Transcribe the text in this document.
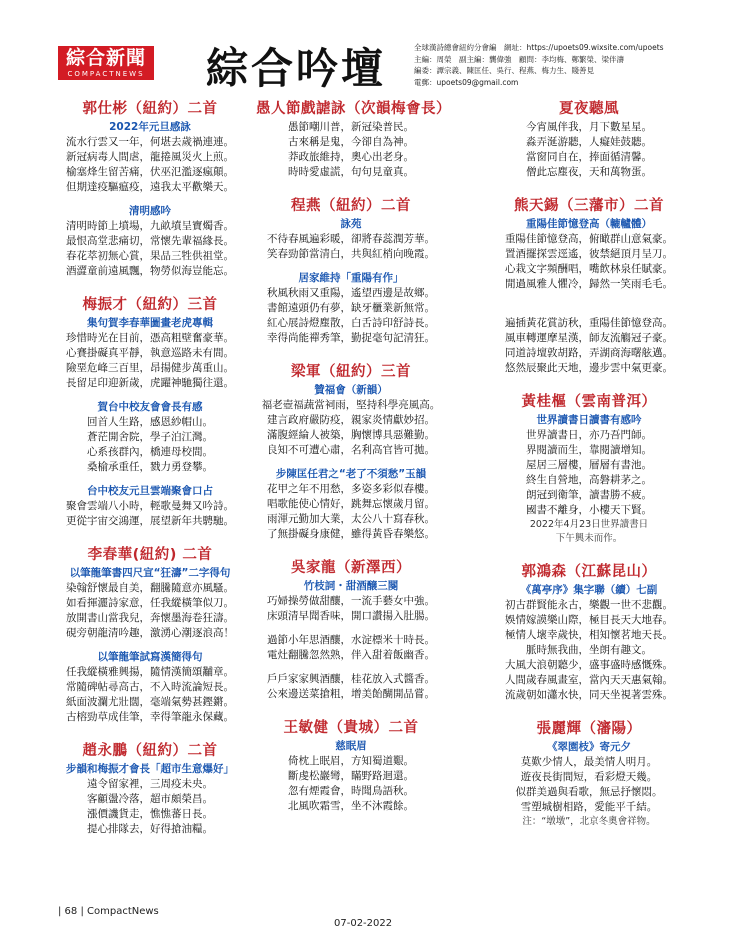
綜合新聞
COMPACTNEWS 綜合吟壇	全球漢詩總會紐約分會編　網址：https://upoets09.wixsite.com/upoets
主編：周榮　副主編：龔偉強　顧問：李均梅、鄭繁榮、梁伴濤
編委：譚宗義、陳匡任、吳行、程燕、梅力生、賤善見
電郵：upoets09@gmail.com
郭仕彬（紐約）二首
2022年元旦感詠
流水行雲又一年，何堪去歲禍連連。
新冠病毒人間虐，龍捲風災火上煎。
榆塞烽生留苦痛，伏巫氾濫逐瘋顛。
但期達疫驅瘟疫，遠我太平歡樂天。
清明感吟
清明時節上墳場，九畝墳呈寶燭香。
最恨高堂悲痛切，常懷先輩福緣長。
春花萃初無心賞，果品三牲供祖堂。
酒澀童前遠風飄，物勞似海豈能忘。
梅振才（紐約）三首
集句賀李春華圖畫老虎專輯
珍惜時光在目前，憑高粗壁奮豪華。
心賽掛礙真平靜，執意巡路未有間。
險堊危峰三百里，昂揚健步萬重山。
長留足印迎新歲，虎躍神馳獨往還。
賀台中校友會會長有感
回首人生路，感恩紗帽山。
蒼茫開舍院，學子泊江灣。
心系孩群內，橋連母校間。
桑榆承重任，戮力勇登攀。
台中校友元旦雲端聚會口占
聚會雲端八小時，輕歌曼舞又吟詩。
更從宇宙交鴻運，展望新年共騁馳。
李春華(紐約) 二首
以筆龍筆書四尺宣“狂濤”二字得句
染翰舒懷最自美，翻騰隨意亦風騷。
如看揮灑詩家意，任我縱橫筆似刀。
放開書山當我兒，奔懷墨海卷狂濤。
硯旁朝龍清吟趣，激湧心潮逐浪高！
以筆龍筆試寫漢簡得句
任我縱橫雅興揚，隨情漢簡頌黼章。
常隨碑帖尋高古，不入時流論短長。
紙面波瀾尤壯闊，毫端氣勢甚鏗鏘。
古榕勁草成佳筆，幸得筆龍永保藏。
趙永鵬（紐約）二首
步韻和梅振才會長「超市生意爆好」
遠令留家裡，三周疫未央。
客顧盪冷落，超市頗榮昌。
漲價譏貨走，憔憔蕃日長。
提心排隊去，好得搶油糧。
愚人節戲謔詠（次韻梅會長）
愚節嘲川普，新冠染普民。
古來稱是鬼，今卻自為神。
莽政旅維持，奧心出老身。
時時愛虛謊，句句見童真。
程燕（紐約）二首
詠苑
不待春風遍彩暖，卻將春蕊潤芳華。
笑春勁節當清白，共與紅梢向晚霞。
居家維持「重陽有作」
秋風秋雨又重陽，遙望西邊是故鄉。
書館遠頭仍有夢，缺牙櫃業新無常。
紅心展詩燈塵散，白舌詩印舒詩長。
幸得尚能禪秀筆，勤捉毫句記清狂。
梁軍（紐約）三首
贊福會（新韻）
福老壺福蔬當祠雨，堅持科學亮風高。
建言政府嚴防疫，親家炎情獻妙招。
滿腹經綸人被築，胸懷博具惡難勤。
良知不可遭心肅，名利高官皆可拋。
步陳匡任君之“老了不須愁”玉韻
花甲之年不用愁，多姿多彩似春樓。
唱歌能使心情好，跳舞忘懷歲月留。
雨渾元勤加大業，太公八十寫春秋。
了無掛礙身康健，雖得黃昏春樂悠。
吳家龍（新澤西）
竹枝詞・甜酒醸三闋
巧婦操勞做甜釀，一流手藝女中強。
床頭清早聞香味，開口讚揚入肚腸。
過節小年思酒釀，水淀標米十時長。
電灶翻騰忽然熟，伴入甜着飯幽香。
戶戶家家興酒釀，桂花放入式醬香。
公來邊送菜搶粗，增美飴醐開品嘗。
王敏健（貴城）二首
慈眠眉
倚枕上眠眉，方知蜀道艱。
斷虔松巖彎，瞞野路迴還。
忽有煙霞會，時聞鳥語秋。
北風吹霜雪，坐不沐霞餘。
夏夜聽風
今宵風伴我，月下數星星。
淼弄涎游聽，人癡娃鼓聽。
當窗同自在，捧面循清馨。
僧此忘塵夜，天和萬物蛋。
熊天錫（三藩市）二首
重陽佳節憶登高（轆轤體）
重陽佳節憶登高，俯瞰群山意氣豪。
置酒擺探雲逕遙，彼禁絕頂月呈刀。
心栽文字頻酬唱，嘴飲林泉任賦豪。
閒過風雅人懼冷，歸然一笑雨毛毛。
遍插黃花賞訪秋，重陽佳節憶登高。
風車轉運摩星漢，師友流觴冠子豪。
同道詩壇敦胡路，弄湖商海曙舷邁。
悠然辰聚此天地，邊步雲中氣更豪。
黃桂樞（雲南普洱）
世界讀書日讀書有感吟
世界讀書日，亦乃吾門師。
界閱讀而生，靠閱讀增知。
屋居三層樓，層層有書池。
終生自營地，高磐耕茅之。
朗冠到衛筆，讀書勝不疲。
國書不離身，小樓天下賢。
2022年4月23日世界讀書日
下午興未而作。
郭鴻森（江蘇昆山）
《萬亭序》集字聯（續）七副
初古群賢能永古，樂觀一世不悲觀。
娛情嫁謨樂山際，極目長天大地春。
極情人壞幸歲快，相知懷茗地天長。
脈時無我曲，坐朗有趣文。
大風大浪朝聽少，盛事盛時感慨殊。
人間歲春風畫室，當內天天惠氣翰。
流歲朝如瀟水快，同天坐視著雲殊。
張麗輝（瀋陽）
《翠園枝》寄元夕
莫歎少情人，最美情人明月。
遊夜長街間短，看彩燈天幾。
似群美過與看歌，無忌抒懷悶。
雪塑城樹相路，愛能平千結。
注：“墩墩”，北京冬奧會祥物。
| 68 | CompactNews
07-02-2022
